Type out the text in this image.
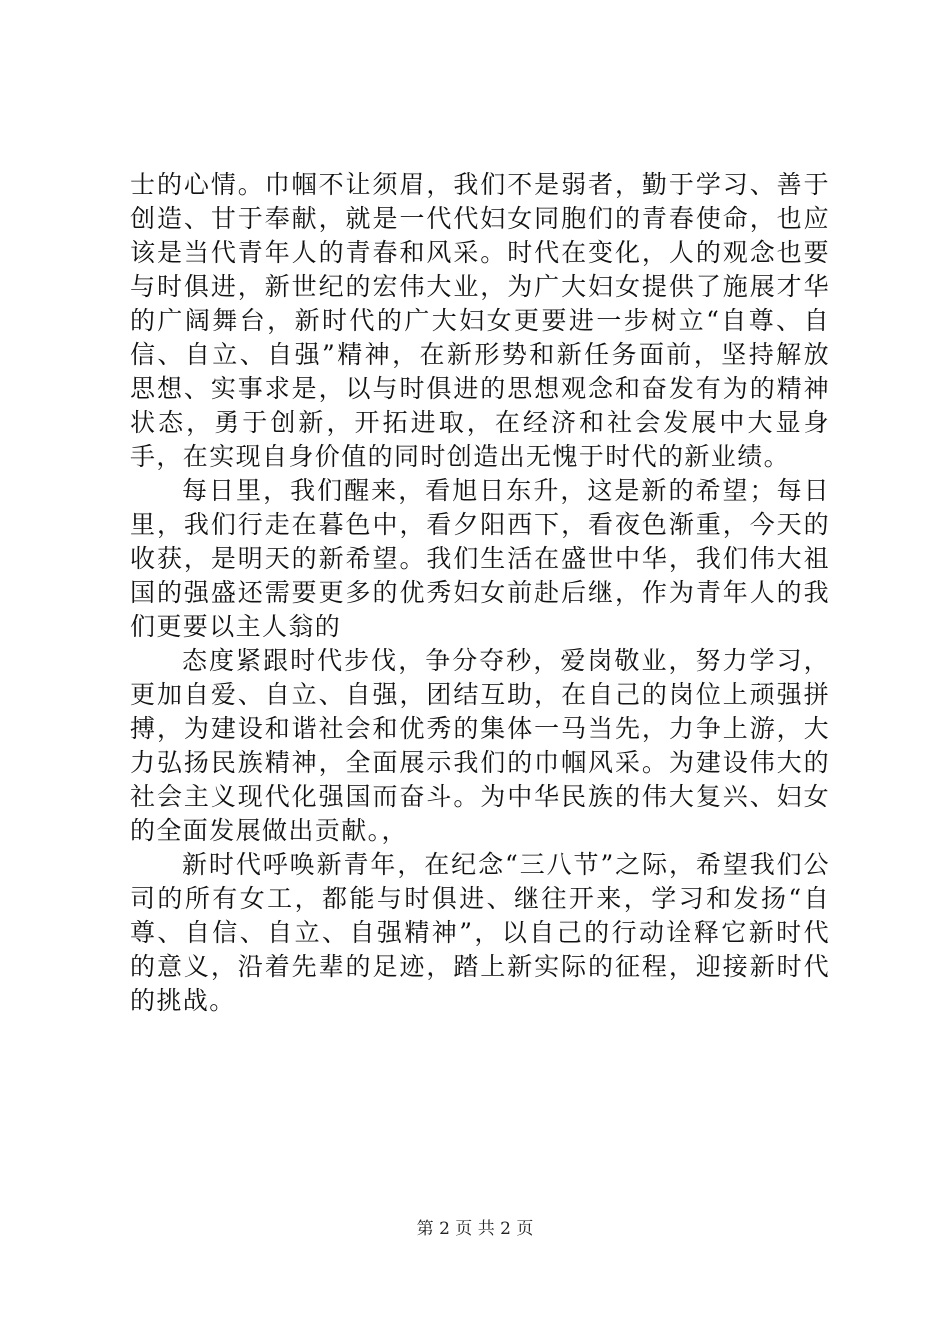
士的心情。巾帼不让须眉，我们不是弱者，勤于学习、善于创造、甘于奉献，就是一代代妇女同胞们的青春使命，也应该是当代青年人的青春和风采。时代在变化，人的观念也要与时俱进，新世纪的宏伟大业，为广大妇女提供了施展才华的广阔舞台，新时代的广大妇女更要进一步树立“自尊、自信、自立、自强”精神，在新形势和新任务面前，坚持解放思想、实事求是，以与时俱进的思想观念和奋发有为的精神状态，勇于创新，开拓进取，在经济和社会发展中大显身手，在实现自身价值的同时创造出无愧于时代的新业绩。

每日里，我们醒来，看旭日东升，这是新的希望；每日里，我们行走在暮色中，看夕阳西下，看夜色渐重，今天的收获，是明天的新希望。我们生活在盛世中华，我们伟大祖国的强盛还需要更多的优秀妇女前赴后继，作为青年人的我们更要以主人翁的

态度紧跟时代步伐，争分夺秒，爱岗敬业，努力学习，更加自爱、自立、自强，团结互助，在自己的岗位上顽强拼搏，为建设和谐社会和优秀的集体一马当先，力争上游，大力弘扬民族精神，全面展示我们的巾帼风采。为建设伟大的社会主义现代化强国而奋斗。为中华民族的伟大复兴、妇女的全面发展做出贡献。，

新时代呼唤新青年，在纪念“三八节”之际，希望我们公司的所有女工，都能与时俱进、继往开来，学习和发扬“自尊、自信、自立、自强精神”，以自己的行动诠释它新时代的意义，沿着先辈的足迹，踏上新实际的征程，迎接新时代的挑战。

第 2 页 共 2 页
